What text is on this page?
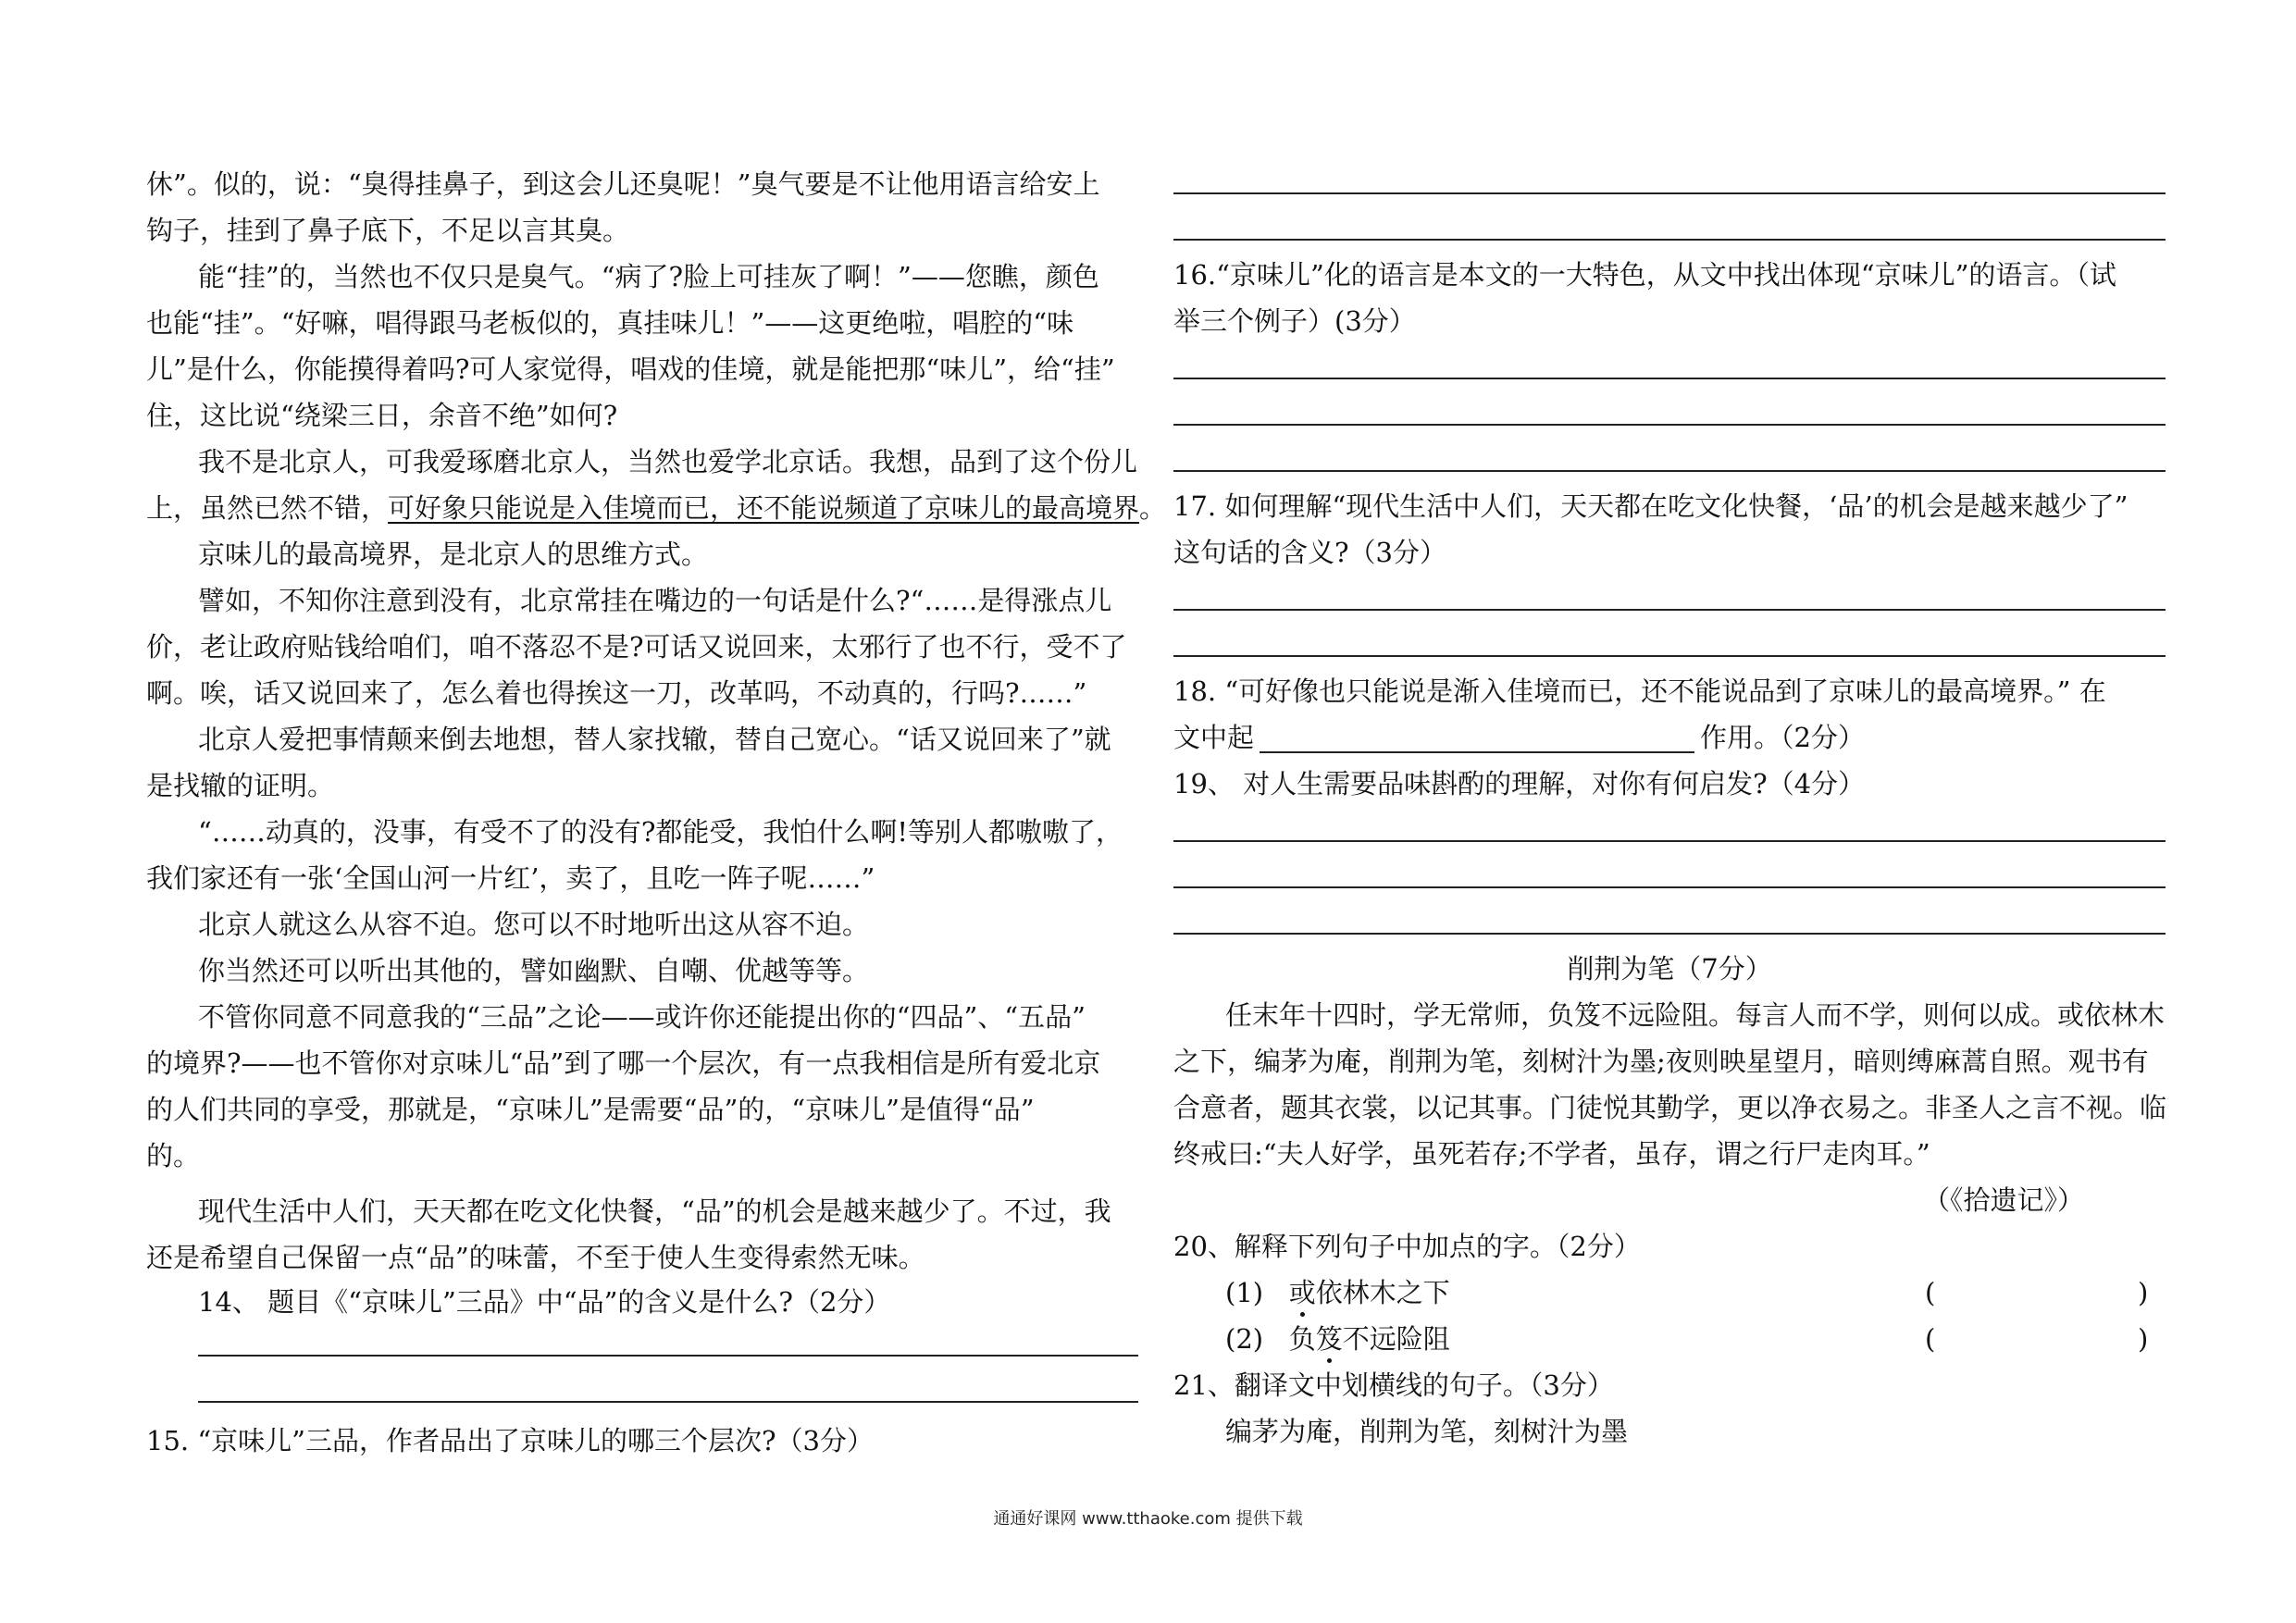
休”。似的，说：“臭得挂鼻子，到这会儿还臭呢！”臭气要是不让他用语言给安上
钩子，挂到了鼻子底下，不足以言其臭。
能“挂”的，当然也不仅只是臭气。“病了?脸上可挂灰了啊！”——您瞧，颜色
也能“挂”。“好嘛，唱得跟马老板似的，真挂味儿！”——这更绝啦，唱腔的“味
儿”是什么，你能摸得着吗?可人家觉得，唱戏的佳境，就是能把那“味儿”，给“挂”
住，这比说“绕梁三日，余音不绝”如何?
我不是北京人，可我爱琢磨北京人，当然也爱学北京话。我想，品到了这个份儿
上，虽然已然不错，可好象只能说是入佳境而已，还不能说频道了京味儿的最高境界。
京味儿的最高境界，是北京人的思维方式。
譬如，不知你注意到没有，北京常挂在嘴边的一句话是什么?“……是得涨点儿
价，老让政府贴钱给咱们，咱不落忍不是?可话又说回来，太邪行了也不行，受不了
啊。唉，话又说回来了，怎么着也得挨这一刀，改革吗，不动真的，行吗?……”
北京人爱把事情颠来倒去地想，替人家找辙，替自己宽心。“话又说回来了”就
是找辙的证明。
“……动真的，没事，有受不了的没有?都能受，我怕什么啊!等别人都嗷嗷了，
我们家还有一张‘全国山河一片红’，卖了，且吃一阵子呢……”
北京人就这么从容不迫。您可以不时地听出这从容不迫。
你当然还可以听出其他的，譬如幽默、自嘲、优越等等。
不管你同意不同意我的“三品”之论——或许你还能提出你的“四品”、“五品”
的境界?——也不管你对京味儿“品”到了哪一个层次，有一点我相信是所有爱北京
的人们共同的享受，那就是，“京味儿”是需要“品”的，“京味儿”是值得“品”
的。
现代生活中人们，天天都在吃文化快餐，“品”的机会是越来越少了。不过，我
还是希望自己保留一点“品”的味蕾，不至于使人生变得索然无味。
14、 题目《“京味儿”三品》中“品”的含义是什么?（2分）
15. “京味儿”三品，作者品出了京味儿的哪三个层次?（3分）
16.“京味儿”化的语言是本文的一大特色，从文中找出体现“京味儿”的语言。（试
举三个例子）(3分）
17. 如何理解“现代生活中人们，天天都在吃文化快餐，‘品’的机会是越来越少了”
这句话的含义?（3分）
18. “可好像也只能说是渐入佳境而已，还不能说品到了京味儿的最高境界。” 在
文中起	作用。（2分）
19、 对人生需要品味斟酌的理解，对你有何启发?（4分）
削荆为笔（7分）
任末年十四时，学无常师，负笈不远险阻。每言人而不学，则何以成。或依林木
之下，编茅为庵，削荆为笔，刻树汁为墨;夜则映星望月，暗则缚麻蒿自照。观书有
合意者，题其衣裳，以记其事。门徒悦其勤学，更以净衣易之。非圣人之言不视。临
终戒曰:“夫人好学，虽死若存;不学者，虽存，谓之行尸走肉耳。”
（《拾遗记》）
20、解释下列句子中加点的字。（2分）
(1) 或依林木之下	(	)
(2) 负笈不远险阻	(	)
21、翻译文中划横线的句子。（3分）
编茅为庵，削荆为笔，刻树汁为墨
通通好课网 www.tthaoke.com 提供下载
